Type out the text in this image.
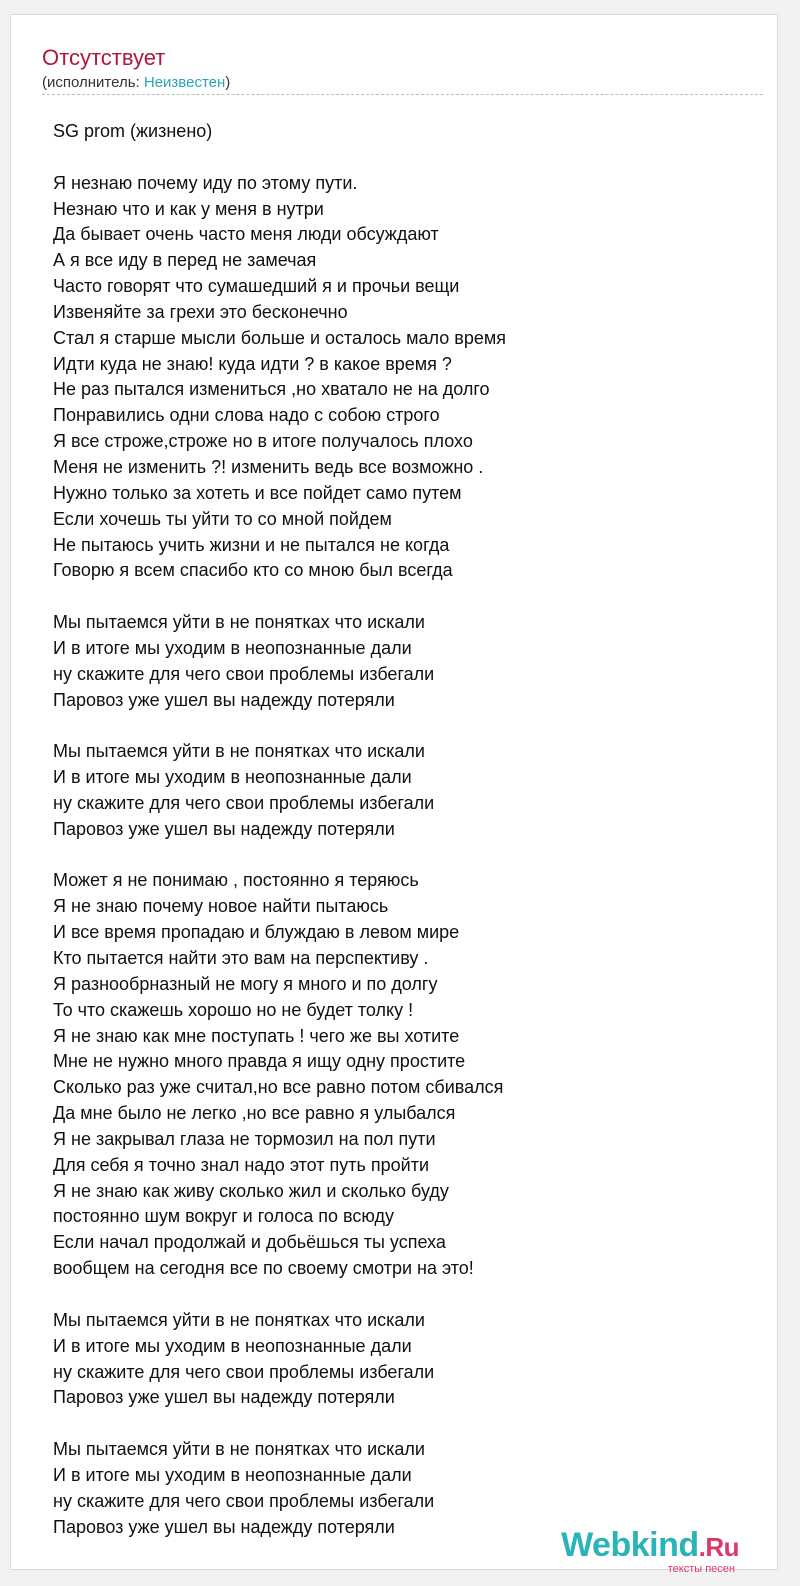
Отсутствует
(исполнитель: Неизвестен)
SG prom (жизнено)
Я незнаю почему иду по этому пути.
Незнаю что и как у меня в нутри
Да бывает очень часто меня люди обсуждают
А я все иду в перед не замечая
Часто говорят что сумашедший я и прочьи вещи
Извеняйте за грехи это бесконечно
Стал я старше мысли больше и осталось мало время
Идти куда не знаю! куда идти ? в какое время ?
Не раз пытался измениться ,но хватало не на долго
Понравились одни слова надо с собою строго
Я все строже,строже но в итоге получалось плохо
Меня не изменить ?! изменить ведь все возможно .
Нужно только за хотеть и все пойдет само путем
Если хочешь ты уйти то со мной пойдем
Не пытаюсь учить жизни и не пытался не когда
Говорю я всем спасибо кто со мною был всегда
Мы пытаемся уйти в не понятках что искали
И в итоге мы уходим в неопознанные дали
ну скажите для чего свои проблемы избегали
Паровоз уже ушел вы надежду потеряли
Мы пытаемся уйти в не понятках что искали
И в итоге мы уходим в неопознанные дали
ну скажите для чего свои проблемы избегали
Паровоз уже ушел вы надежду потеряли
Может я не понимаю , постоянно я теряюсь
Я не знаю почему новое найти пытаюсь
И все время пропадаю и блуждаю в левом мире
Кто пытается найти это вам на перспективу .
Я разнообрназный не могу я много и по долгу
То что скажешь хорошо но не будет толку !
Я не знаю как мне поступать ! чего же вы хотите
Мне не нужно много правда я ищу одну простите
Сколько раз уже считал,но все равно потом сбивался
Да мне было не легко ,но все равно я улыбался
Я не закрывал глаза не тормозил на пол пути
Для себя я точно знал надо этот путь пройти
Я не знаю как живу сколько жил и сколько буду
постоянно шум вокруг и голоса по всюду
Если начал продолжай и добьёшься ты успеха
вообщем на сегодня все по своему смотри на это!
Мы пытаемся уйти в не понятках что искали
И в итоге мы уходим в неопознанные дали
ну скажите для чего свои проблемы избегали
Паровоз уже ушел вы надежду потеряли
Мы пытаемся уйти в не понятках что искали
И в итоге мы уходим в неопознанные дали
ну скажите для чего свои проблемы избегали
Паровоз уже ушел вы надежду потеряли	Webkind.Ru
тексты песен
